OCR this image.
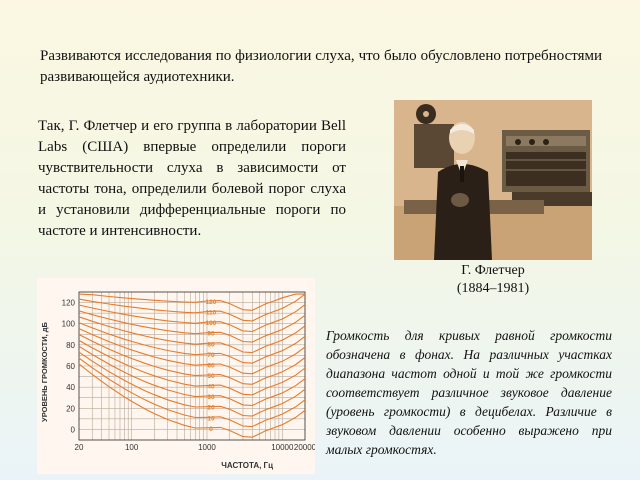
Развиваются исследования по физиологии слуха, что было обусловлено потребностями развивающейся аудиотехники.
Так, Г. Флетчер и его группа в лаборатории Bell Labs (США) впервые определили пороги чувствительности слуха в зависимости от частоты тона, определили болевой порог слуха и установили дифференциальные пороги по частоте и интенсивности.
Г. Флетчер
(1884–1981)
0
20
40
60
80
100
120
20	100	1000	10000 20000
120
110
100
90
80
70
60
50
40
30
20
10
0
УРОВЕНЬ ГРОМКОСТИ, дБ
ЧАСТОТА, Гц
Громкость для кривых равной громкости обозначена в фонах. На различных участках диапазона частот одной и той же громкости соответствует различное звуковое давление (уровень громкости) в децибелах. Различие в звуковом давлении особенно выражено при малых громкостях.
